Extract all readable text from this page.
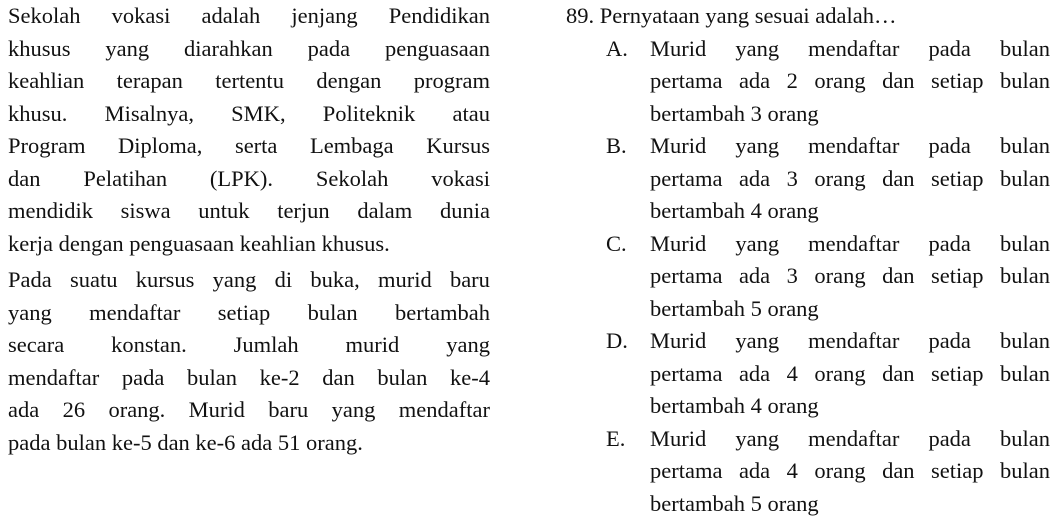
Sekolah vokasi adalah jenjang Pendidikan
khusus yang diarahkan pada penguasaan
keahlian terapan tertentu dengan program
khusu. Misalnya, SMK, Politeknik atau
Program Diploma, serta Lembaga Kursus
dan Pelatihan (LPK). Sekolah vokasi
mendidik siswa untuk terjun dalam dunia
kerja dengan penguasaan keahlian khusus.
Pada suatu kursus yang di buka, murid baru
yang mendaftar setiap bulan bertambah
secara konstan. Jumlah murid yang
mendaftar pada bulan ke-2 dan bulan ke-4
ada 26 orang. Murid baru yang mendaftar
pada bulan ke-5 dan ke-6 ada 51 orang.
89. Pernyataan yang sesuai adalah…
A. Murid yang mendaftar pada bulan
pertama ada 2 orang dan setiap bulan
bertambah 3 orang
B. Murid yang mendaftar pada bulan
pertama ada 3 orang dan setiap bulan
bertambah 4 orang
C. Murid yang mendaftar pada bulan
pertama ada 3 orang dan setiap bulan
bertambah 5 orang
D. Murid yang mendaftar pada bulan
pertama ada 4 orang dan setiap bulan
bertambah 4 orang
E. Murid yang mendaftar pada bulan
pertama ada 4 orang dan setiap bulan
bertambah 5 orang
